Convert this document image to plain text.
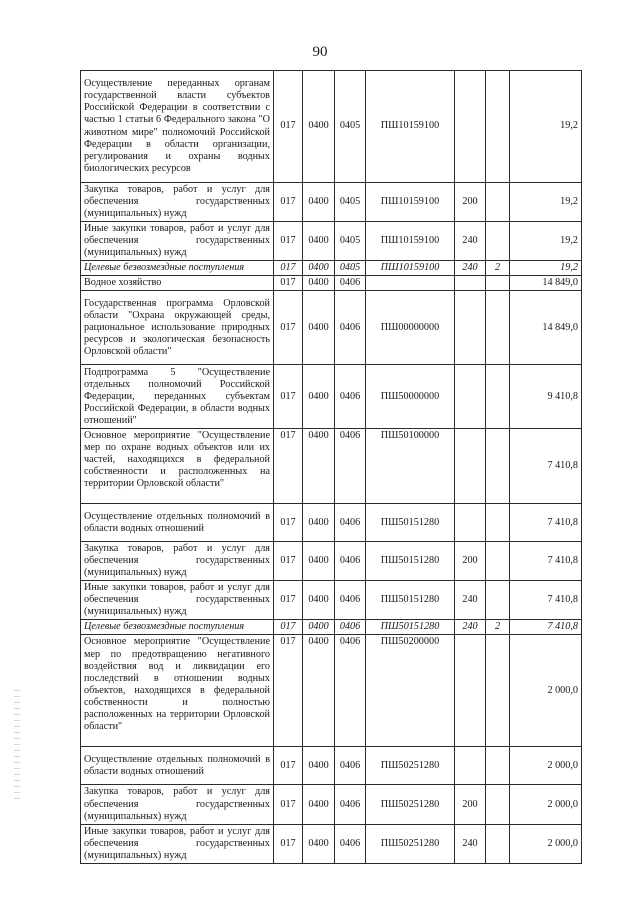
90
Осуществление переданных органам государственной власти субъектов Российской Федерации в соответствии с частью 1 статьи 6 Федерального закона "О животном мире" полномочий Российской Федерации в области организации, регулирования и охраны водных биологических ресурсов	017	0400	0405	ПШ10159100			19,2
Закупка товаров, работ и услуг для обеспечения государственных (муниципальных) нужд	017	0400	0405	ПШ10159100	200		19,2
Иные закупки товаров, работ и услуг для обеспечения государственных (муниципальных) нужд	017	0400	0405	ПШ10159100	240		19,2
Целевые безвозмездные поступления	017	0400	0405	ПШ10159100	240	2	19,2
Водное хозяйство	017	0400	0406				14 849,0
Государственная программа Орловской области "Охрана окружающей среды, рациональное использование природных ресурсов и экологическая безопасность Орловской области"	017	0400	0406	ПШ00000000			14 849,0
Подпрограмма 5 "Осуществление отдельных полномочий Российской Федерации, переданных субъектам Российской Федерации, в области водных отношений"	017	0400	0406	ПШ50000000			9 410,8
Основное мероприятие "Осуществление мер по охране водных объектов или их частей, находящихся в федеральной собственности и расположенных на территории Орловской области"	017	0400	0406	ПШ50100000			7 410,8
Осуществление отдельных полномочий в области водных отношений	017	0400	0406	ПШ50151280			7 410,8
Закупка товаров, работ и услуг для обеспечения государственных (муниципальных) нужд	017	0400	0406	ПШ50151280	200		7 410,8
Иные закупки товаров, работ и услуг для обеспечения государственных (муниципальных) нужд	017	0400	0406	ПШ50151280	240		7 410,8
Целевые безвозмездные поступления	017	0400	0406	ПШ50151280	240	2	7 410,8
Основное мероприятие "Осуществление мер по предотвращению негативного воздействия вод и ликвидации его последствий в отношении водных объектов, находящихся в федеральной собственности и полностью расположенных на территории Орловской области"	017	0400	0406	ПШ50200000			2 000,0
Осуществление отдельных полномочий в области водных отношений	017	0400	0406	ПШ50251280			2 000,0
Закупка товаров, работ и услуг для обеспечения государственных (муниципальных) нужд	017	0400	0406	ПШ50251280	200		2 000,0
Иные закупки товаров, работ и услуг для обеспечения государственных (муниципальных) нужд	017	0400	0406	ПШ50251280	240		2 000,0
